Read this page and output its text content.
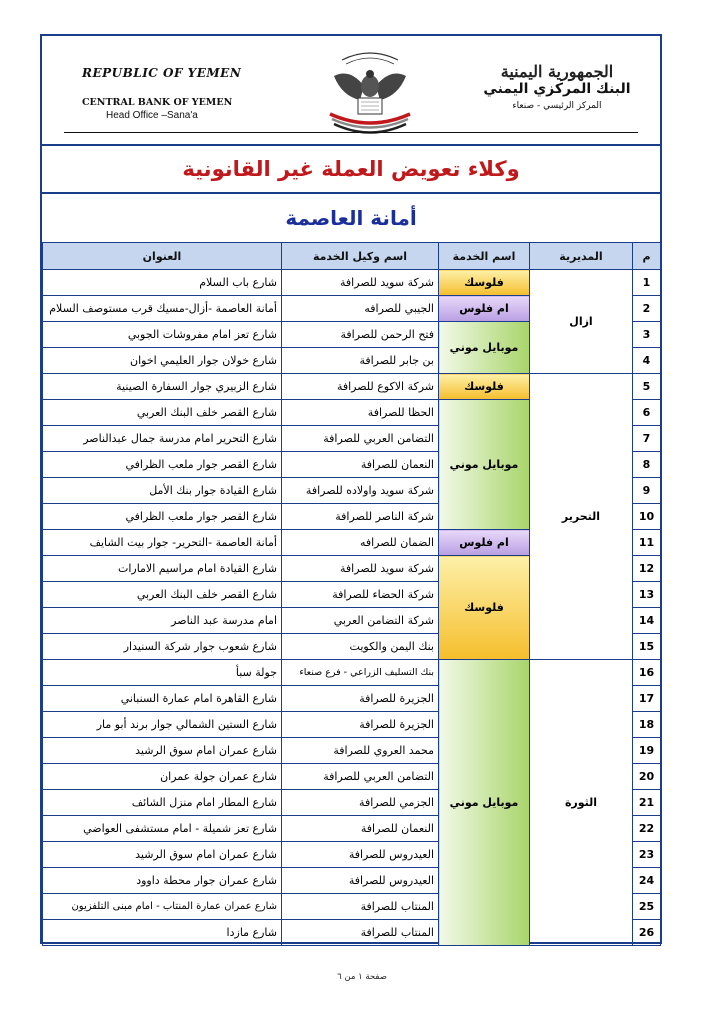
REPUBLIC OF YEMEN
CENTRAL BANK OF YEMEN
Head Office –Sana'a
الجمهورية اليمنية
البنك المركزي اليمني
المركز الرئيسي - صنعاء
وكلاء تعويض العملة غير القانونية
أمانة العاصمة
م	المديرية	اسم الخدمة	اسم وكيل الخدمة	العنوان
1	ازال	فلوسك	شركة سويد للصرافة	شارع باب السلام
2		ام فلوس	الجيبي للصرافه	أمانة العاصمة -أزال-مسيك قرب مستوصف السلام
3		موبايل موني	فتح الرحمن للصرافة	شارع تعز امام مفروشات الجوبي
4			بن جابر للصرافة	شارع خولان جوار العليمي اخوان
5	التحرير	فلوسك	شركة الاكوع للصرافة	شارع الزبيري جوار السفارة الصينية
6		موبايل موني	الحظا للصرافة	شارع القصر خلف البنك العربي
7			التضامن العربي للصرافة	شارع التحرير امام مدرسة جمال عبدالناصر
8			النعمان للصرافة	شارع القصر جوار ملعب الظرافي
9			شركة سويد واولاده للصرافة	شارع القيادة جوار بنك الأمل
10			شركة الناصر للصرافة	شارع القصر جوار ملعب الظرافي
11		ام فلوس	الضمان للصرافه	أمانة العاصمة -التحرير- جوار بيت الشايف
12		فلوسك	شركة سويد للصرافة	شارع القيادة امام مراسيم الامارات
13			شركة الحضاء للصرافة	شارع القصر خلف البنك العربي
14			شركة التضامن العربي	امام مدرسة عبد الناصر
15			بنك اليمن والكويت	شارع شعوب جوار شركة السنيدار
16	الثورة	موبايل موني	بنك التسليف الزراعي - فرع صنعاء	جولة سبأ
17			الجزيرة للصرافة	شارع القاهرة امام عمارة السنباني
18			الجزيرة للصرافة	شارع الستين الشمالي جوار برند أبو مار
19			محمد العروي للصرافة	شارع عمران امام سوق الرشيد
20			التضامن العربي للصرافة	شارع عمران جولة عمران
21			الجزمي للصرافة	شارع المطار امام منزل الشائف
22			النعمان للصرافة	شارع تعز شميلة - امام مستشفى العواضي
23			العيدروس للصرافة	شارع عمران امام سوق الرشيد
24			العيدروس للصرافة	شارع عمران جوار محطة داوود
25			المنتاب للصرافة	شارع عمران عمارة المنتاب - امام مبنى التلفزيون
26			المنتاب للصرافة	شارع مازدا
صفحة ١ من ٦
